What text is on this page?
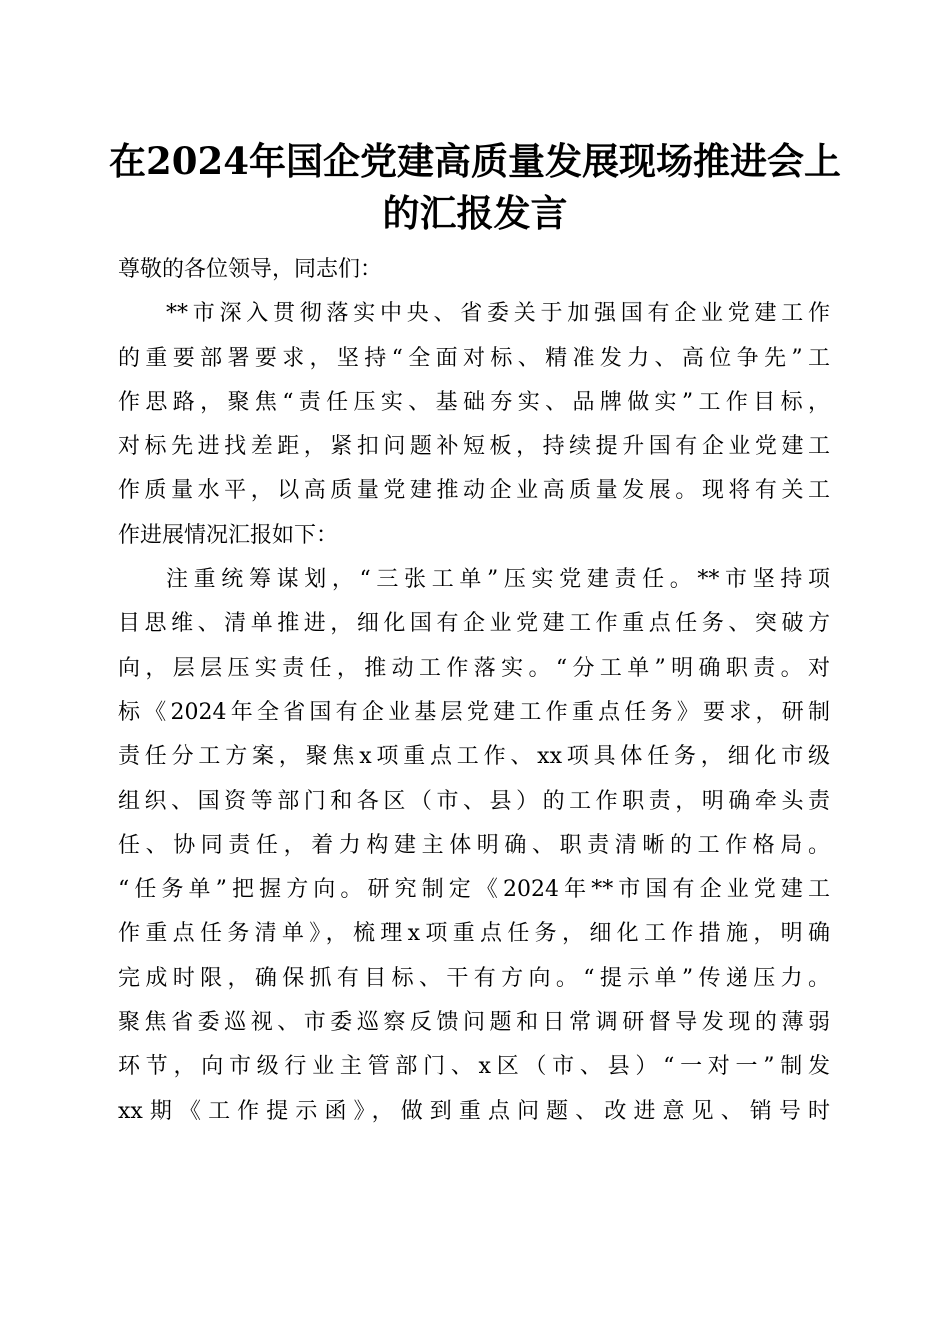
在2024年国企党建高质量发展现场推进会上
的汇报发言
尊敬的各位领导，同志们：
**市深入贯彻落实中央、省委关于加强国有企业党建工作
的重要部署要求，坚持“全面对标、精准发力、高位争先”工
作思路，聚焦“责任压实、基础夯实、品牌做实”工作目标，
对标先进找差距，紧扣问题补短板，持续提升国有企业党建工
作质量水平，以高质量党建推动企业高质量发展。现将有关工
作进展情况汇报如下：
注重统筹谋划，“三张工单”压实党建责任。**市坚持项
目思维、清单推进，细化国有企业党建工作重点任务、突破方
向，层层压实责任，推动工作落实。“分工单”明确职责。对
标《2024年全省国有企业基层党建工作重点任务》要求，研制
责任分工方案，聚焦x项重点工作、xx项具体任务，细化市级
组织、国资等部门和各区（市、县）的工作职责，明确牵头责
任、协同责任，着力构建主体明确、职责清晰的工作格局。
“任务单”把握方向。研究制定《2024年**市国有企业党建工
作重点任务清单》，梳理x项重点任务，细化工作措施，明确
完成时限，确保抓有目标、干有方向。“提示单”传递压力。
聚焦省委巡视、市委巡察反馈问题和日常调研督导发现的薄弱
环节，向市级行业主管部门、x区（市、县）“一对一”制发
xx期《工作提示函》，做到重点问题、改进意见、销号时
